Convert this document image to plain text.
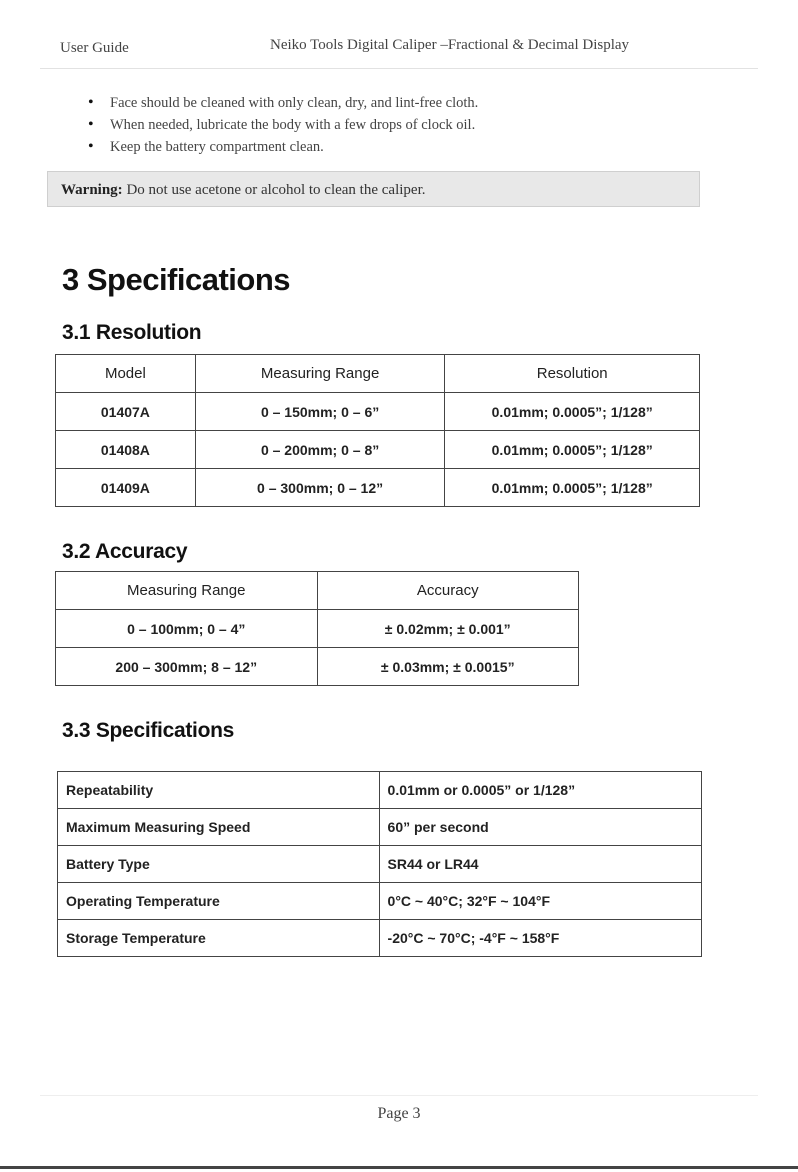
User Guide	Neiko Tools Digital Caliper –Fractional & Decimal Display
• Face should be cleaned with only clean, dry, and lint-free cloth.
• When needed, lubricate the body with a few drops of clock oil.
• Keep the battery compartment clean.
Warning: Do not use acetone or alcohol to clean the caliper.
3 Specifications
3.1 Resolution
Model	Measuring Range	Resolution
01407A	0 – 150mm; 0 – 6”	0.01mm; 0.0005”; 1/128”
01408A	0 – 200mm; 0 – 8”	0.01mm; 0.0005”; 1/128”
01409A	0 – 300mm; 0 – 12”	0.01mm; 0.0005”; 1/128”
3.2 Accuracy
Measuring Range	Accuracy
0 – 100mm; 0 – 4”	± 0.02mm; ± 0.001”
200 – 300mm; 8 – 12”	± 0.03mm; ± 0.0015”
3.3 Specifications
Repeatability	0.01mm or 0.0005” or 1/128”
Maximum Measuring Speed	60” per second
Battery Type	SR44 or LR44
Operating Temperature	0°C ~ 40°C; 32°F ~ 104°F
Storage Temperature	-20°C ~ 70°C; -4°F ~ 158°F
Page 3
